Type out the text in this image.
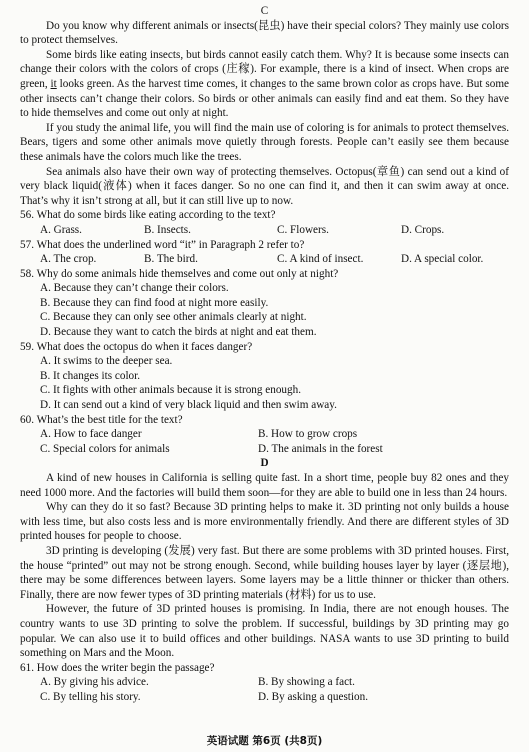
C

Do you know why different animals or insects(昆虫) have their special colors? They mainly use colors to protect themselves.

Some birds like eating insects, but birds cannot easily catch them. Why? It is because some insects can change their colors with the colors of crops (庄稼). For example, there is a kind of insect. When crops are green, it looks green. As the harvest time comes, it changes to the same brown color as crops have. But some other insects can’t change their colors. So birds or other animals can easily find and eat them. So they have to hide themselves and come out only at night.

If you study the animal life, you will find the main use of coloring is for animals to protect themselves. Bears, tigers and some other animals move quietly through forests. People can’t easily see them because these animals have the colors much like the trees.

Sea animals also have their own way of protecting themselves. Octopus(章鱼) can send out a kind of very black liquid(液体) when it faces danger. So no one can find it, and then it can swim away at once. That’s why it isn’t strong at all, but it can still live up to now.

56. What do some birds like eating according to the text?
A. Grass.	B. Insects.	C. Flowers.	D. Crops.
57. What does the underlined word “it” in Paragraph 2 refer to?
A. The crop.	B. The bird.	C. A kind of insect.	D. A special color.
58. Why do some animals hide themselves and come out only at night?
A. Because they can’t change their colors.
B. Because they can find food at night more easily.
C. Because they can only see other animals clearly at night.
D. Because they want to catch the birds at night and eat them.
59. What does the octopus do when it faces danger?
A. It swims to the deeper sea.
B. It changes its color.
C. It fights with other animals because it is strong enough.
D. It can send out a kind of very black liquid and then swim away.
60. What’s the best title for the text?
A. How to face danger	B. How to grow crops
C. Special colors for animals	D. The animals in the forest
D

A kind of new houses in California is selling quite fast. In a short time, people buy 82 ones and they need 1000 more. And the factories will build them soon—for they are able to build one in less than 24 hours.

Why can they do it so fast? Because 3D printing helps to make it. 3D printing not only builds a house with less time, but also costs less and is more environmentally friendly. And there are different styles of 3D printed houses for people to choose.

3D printing is developing (发展) very fast. But there are some problems with 3D printed houses. First, the house “printed” out may not be strong enough. Second, while building houses layer by layer (逐层地), there may be some differences between layers. Some layers may be a little thinner or thicker than others. Finally, there are now fewer types of 3D printing materials (材料) for us to use.

However, the future of 3D printed houses is promising. In India, there are not enough houses. The country wants to use 3D printing to solve the problem. If successful, buildings by 3D printing may go popular. We can also use it to build offices and other buildings. NASA wants to use 3D printing to build something on Mars and the Moon.

61. How does the writer begin the passage?
A. By giving his advice.	B. By showing a fact.
C. By telling his story.	D. By asking a question.
英语试题 第6页 (共8页)
